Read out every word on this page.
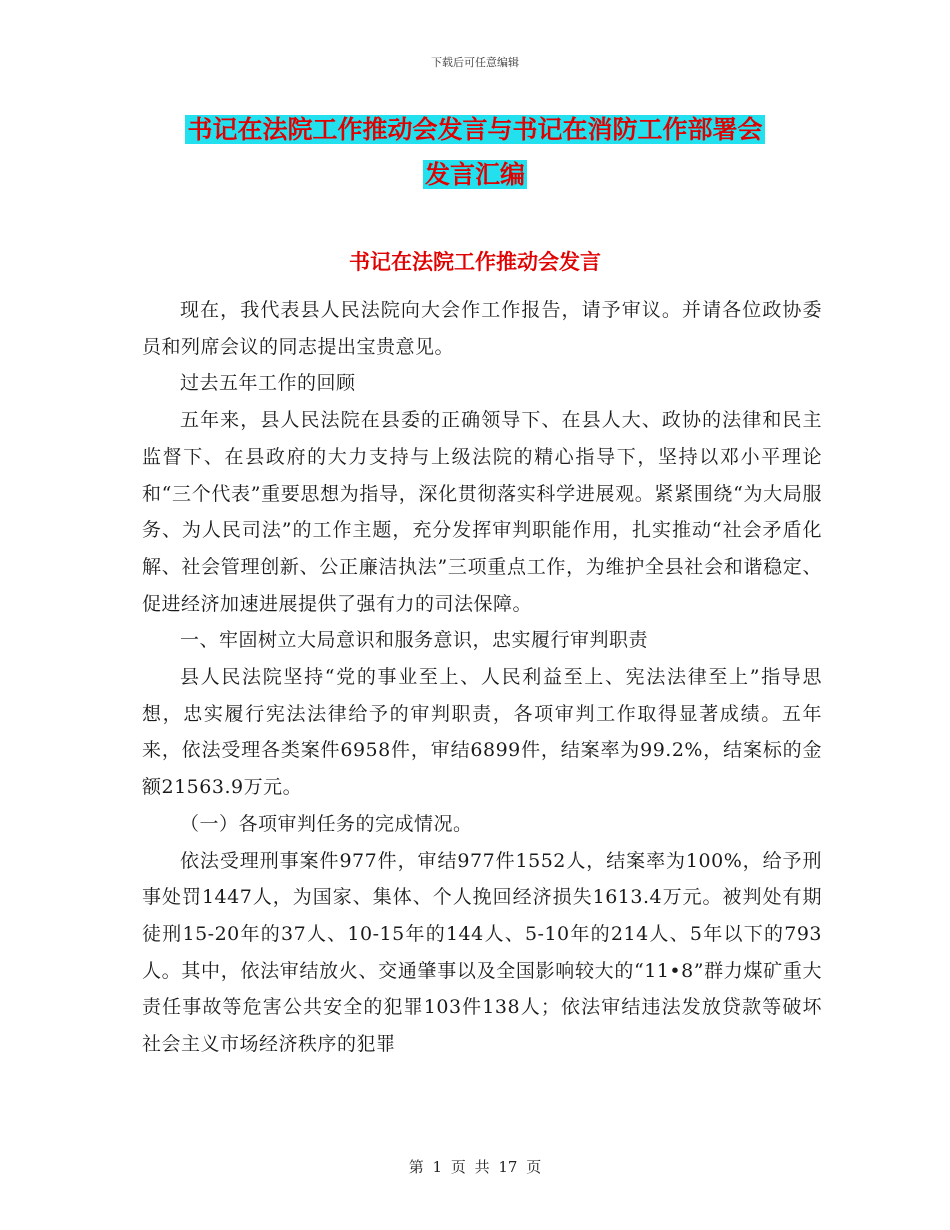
下载后可任意编辑
书记在法院工作推动会发言与书记在消防工作部署会
发言汇编
书记在法院工作推动会发言

现在，我代表县人民法院向大会作工作报告，请予审议。并请各位政协委员和列席会议的同志提出宝贵意见。

过去五年工作的回顾

五年来，县人民法院在县委的正确领导下、在县人大、政协的法律和民主监督下、在县政府的大力支持与上级法院的精心指导下，坚持以邓小平理论和“三个代表”重要思想为指导，深化贯彻落实科学进展观。紧紧围绕“为大局服务、为人民司法”的工作主题，充分发挥审判职能作用，扎实推动“社会矛盾化解、社会管理创新、公正廉洁执法”三项重点工作，为维护全县社会和谐稳定、促进经济加速进展提供了强有力的司法保障。

一、牢固树立大局意识和服务意识，忠实履行审判职责

县人民法院坚持“党的事业至上、人民利益至上、宪法法律至上”指导思想，忠实履行宪法法律给予的审判职责，各项审判工作取得显著成绩。五年来，依法受理各类案件6958件，审结6899件，结案率为99.2%，结案标的金额21563.9万元。

（一）各项审判任务的完成情况。

依法受理刑事案件977件，审结977件1552人，结案率为100%，给予刑事处罚1447人，为国家、集体、个人挽回经济损失1613.4万元。被判处有期徒刑15-20年的37人、10-15年的144人、5-10年的214人、5年以下的793人。其中，依法审结放火、交通肇事以及全国影响较大的“11•8”群力煤矿重大责任事故等危害公共安全的犯罪103件138人；依法审结违法发放贷款等破坏社会主义市场经济秩序的犯罪

第 1 页 共 17 页
